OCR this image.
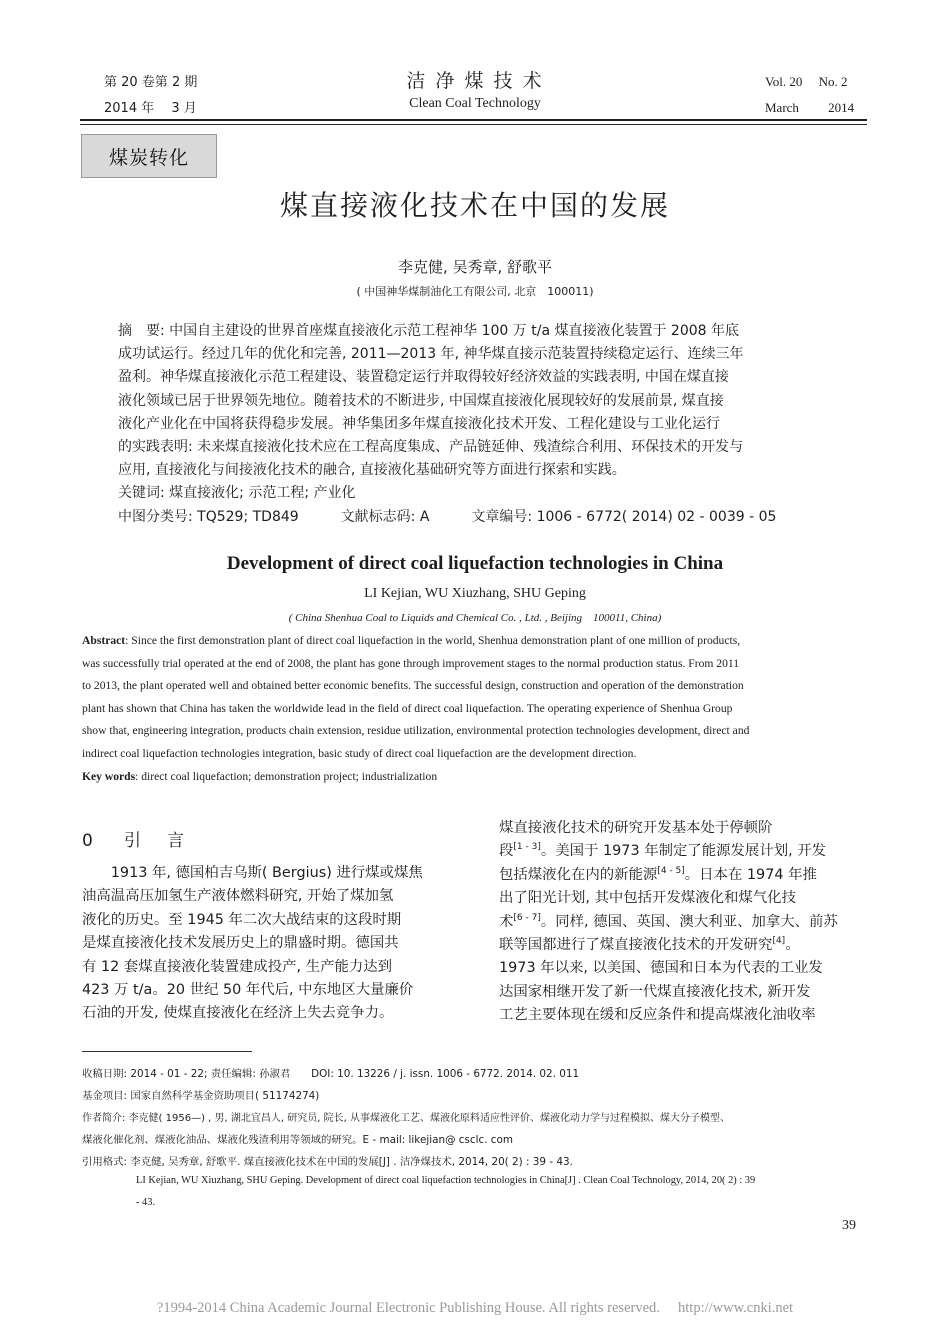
第 20 卷第 2 期
2014 年　 3 月
洁 净 煤 技 术
Clean Coal Technology
Vol. 20　 No. 2
March　　 2014
煤炭转化
煤直接液化技术在中国的发展
李克健, 吴秀章, 舒歌平
( 中国神华煤制油化工有限公司, 北京　100011)
摘　要: 中国自主建设的世界首座煤直接液化示范工程神华 100 万 t/a 煤直接液化装置于 2008 年底
成功试运行。经过几年的优化和完善, 2011—2013 年, 神华煤直接示范装置持续稳定运行、连续三年
盈利。神华煤直接液化示范工程建设、装置稳定运行并取得较好经济效益的实践表明, 中国在煤直接
液化领域已居于世界领先地位。随着技术的不断进步, 中国煤直接液化展现较好的发展前景, 煤直接
液化产业化在中国将获得稳步发展。神华集团多年煤直接液化技术开发、工程化建设与工业化运行
的实践表明: 未来煤直接液化技术应在工程高度集成、产品链延伸、残渣综合利用、环保技术的开发与
应用, 直接液化与间接液化技术的融合, 直接液化基础研究等方面进行探索和实践。
关键词: 煤直接液化; 示范工程; 产业化
中图分类号: TQ529; TD849　　　文献标志码: A　　　文章编号: 1006 - 6772( 2014) 02 - 0039 - 05
Development of direct coal liquefaction technologies in China
LI Kejian, WU Xiuzhang, SHU Geping
( China Shenhua Coal to Liquids and Chemical Co. , Ltd. , Beijing　100011, China)
Abstract: Since the first demonstration plant of direct coal liquefaction in the world, Shenhua demonstration plant of one million of products,
was successfully trial operated at the end of 2008, the plant has gone through improvement stages to the normal production status. From 2011
to 2013, the plant operated well and obtained better economic benefits. The successful design, construction and operation of the demonstration
plant has shown that China has taken the worldwide lead in the field of direct coal liquefaction. The operating experience of Shenhua Group
show that, engineering integration, products chain extension, residue utilization, environmental protection technologies development, direct and
indirect coal liquefaction technologies integration, basic study of direct coal liquefaction are the development direction.
Key words: direct coal liquefaction; demonstration project; industrialization
0 引言
　　1913 年, 德国柏吉乌斯( Bergius) 进行煤或煤焦
油高温高压加氢生产液体燃料研究, 开始了煤加氢
液化的历史。至 1945 年二次大战结束的这段时期
是煤直接液化技术发展历史上的鼎盛时期。德国共
有 12 套煤直接液化装置建成投产, 生产能力达到
423 万 t/a。20 世纪 50 年代后, 中东地区大量廉价
石油的开发, 使煤直接液化在经济上失去竞争力。
煤直接液化技术的研究开发基本处于停顿阶
段[1 - 3]。美国于 1973 年制定了能源发展计划, 开发
包括煤液化在内的新能源[4 - 5]。日本在 1974 年推
出了阳光计划, 其中包括开发煤液化和煤气化技
术[6 - 7]。同样, 德国、英国、澳大利亚、加拿大、前苏
联等国都进行了煤直接液化技术的开发研究[4]。
1973 年以来, 以美国、德国和日本为代表的工业发
达国家相继开发了新一代煤直接液化技术, 新开发
工艺主要体现在缓和反应条件和提高煤液化油收率
收稿日期: 2014 - 01 - 22; 责任编辑: 孙淑君　　DOI: 10. 13226 / j. issn. 1006 - 6772. 2014. 02. 011
基金项目: 国家自然科学基金资助项目( 51174274)
作者简介: 李克健( 1956—) , 男, 湖北宜昌人, 研究员, 院长, 从事煤液化工艺、煤液化原料适应性评价、煤液化动力学与过程模拟、煤大分子模型、
煤液化催化剂、煤液化油品、煤液化残渣利用等领域的研究。E - mail: likejian@ csclc. com
引用格式: 李克健, 吴秀章, 舒歌平. 煤直接液化技术在中国的发展[J] . 洁净煤技术, 2014, 20( 2) : 39 - 43.
LI Kejian, WU Xiuzhang, SHU Geping. Development of direct coal liquefaction technologies in China[J] . Clean Coal Technology, 2014, 20( 2) : 39
- 43.
39
?1994-2014 China Academic Journal Electronic Publishing House. All rights reserved.　 http://www.cnki.net
